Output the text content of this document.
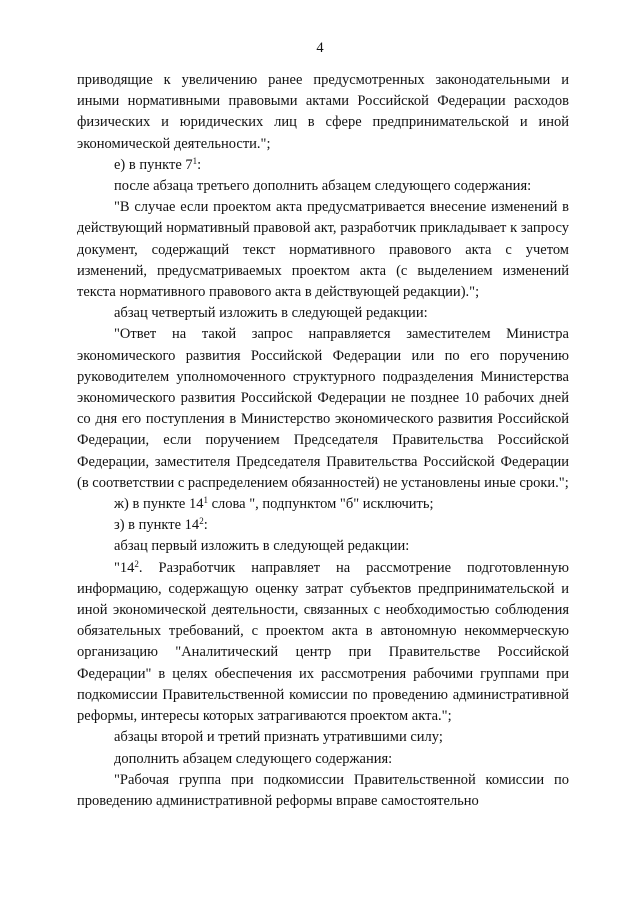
4

приводящие к увеличению ранее предусмотренных законодательными и иными нормативными правовыми актами Российской Федерации расходов физических и юридических лиц в сфере предпринимательской и иной экономической деятельности.";

е) в пункте $7^1$:

после абзаца третьего дополнить абзацем следующего содержания:

"В случае если проектом акта предусматривается внесение изменений в действующий нормативный правовой акт, разработчик прикладывает к запросу документ, содержащий текст нормативного правового акта с учетом изменений, предусматриваемых проектом акта (с выделением изменений текста нормативного правового акта в действующей редакции).";

абзац четвертый изложить в следующей редакции:

"Ответ на такой запрос направляется заместителем Министра экономического развития Российской Федерации или по его поручению руководителем уполномоченного структурного подразделения Министерства экономического развития Российской Федерации не позднее 10 рабочих дней со дня его поступления в Министерство экономического развития Российской Федерации, если поручением Председателя Правительства Российской Федерации, заместителя Председателя Правительства Российской Федерации (в соответствии с распределением обязанностей) не установлены иные сроки.";

ж) в пункте $14^1$ слова ", подпунктом "б" исключить;

з) в пункте $14^2$:

абзац первый изложить в следующей редакции:

"$14^2$. Разработчик направляет на рассмотрение подготовленную информацию, содержащую оценку затрат субъектов предпринимательской и иной экономической деятельности, связанных с необходимостью соблюдения обязательных требований, с проектом акта в автономную некоммерческую организацию "Аналитический центр при Правительстве Российской Федерации" в целях обеспечения их рассмотрения рабочими группами при подкомиссии Правительственной комиссии по проведению административной реформы, интересы которых затрагиваются проектом акта.";

абзацы второй и третий признать утратившими силу;

дополнить абзацем следующего содержания:

"Рабочая группа при подкомиссии Правительственной комиссии по проведению административной реформы вправе самостоятельно
